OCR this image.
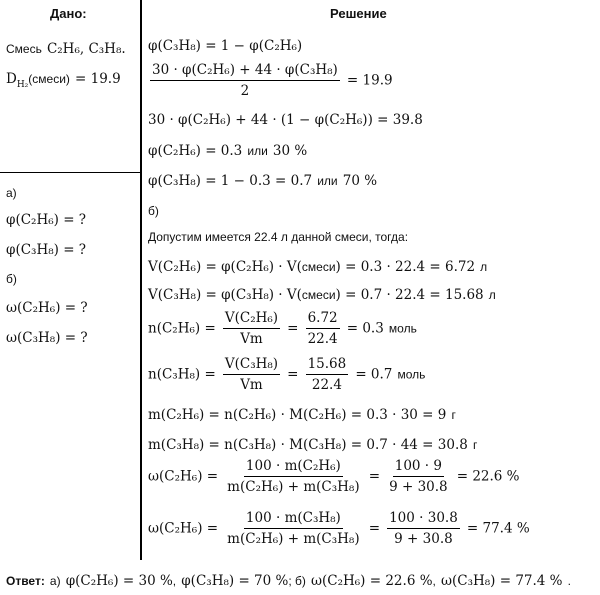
Дано:	Решение
Смесь C₂H₆, C₃H₈.
$D_{H_2}(смеси) = 19.9$
а)
φ(C₂H₆) = ?
φ(C₃H₈) = ?
б)
ω(C₂H₆) = ?
ω(C₃H₈) = ?
φ(C₃H₈) = 1 − φ(C₂H₆)
$\frac{\text{30 · φ(C₂H₆) + 44 · φ(C₃H₈)}}{2} = 19.9$
30 · φ(C₂H₆) + 44 · (1 − φ(C₂H₆)) = 39.8
φ(C₂H₆) = 0.3 или 30 %
φ(C₃H₈) = 1 − 0.3 = 0.7 или 70 %
б)
Допустим имеется 22.4 л данной смеси, тогда:
V(C₂H₆) = φ(C₂H₆) · V(смеси) = 0.3 · 22.4 = 6.72 л
V(C₃H₈) = φ(C₃H₈) · V(смеси) = 0.7 · 22.4 = 15.68 л
$n(C_2H_6) = \frac{\text{V(C₂H₆)}}{Vm} = \frac{6.72}{22.4} = 0.3$ моль
$n(C_3H_8) = \frac{\text{V(C₃H₈)}}{Vm} = \frac{15.68}{22.4} = 0.7$ моль
m(C₂H₆) = n(C₂H₆) · M(C₂H₆) = 0.3 · 30 = 9 г
m(C₃H₈) = n(C₃H₈) · M(C₃H₈) = 0.7 · 44 = 30.8 г
$\omega(C_2H_6) = \frac{\text{100 · m(C₂H₆)}}{\text{m(C₂H₆) + m(C₃H₈)}} = \frac{100 \cdot 9}{9 + 30.8} = 22.6$ %
$\omega(C_2H_6) = \frac{\text{100 · m(C₃H₈)}}{\text{m(C₂H₆) + m(C₃H₈)}} = \frac{100 \cdot 30.8}{9 + 30.8} = 77.4$ %
Ответ: а) φ(C₂H₆) = 30 %, φ(C₃H₈) = 70 %; б) ω(C₂H₆) = 22.6 %, ω(C₃H₈) = 77.4 % .
